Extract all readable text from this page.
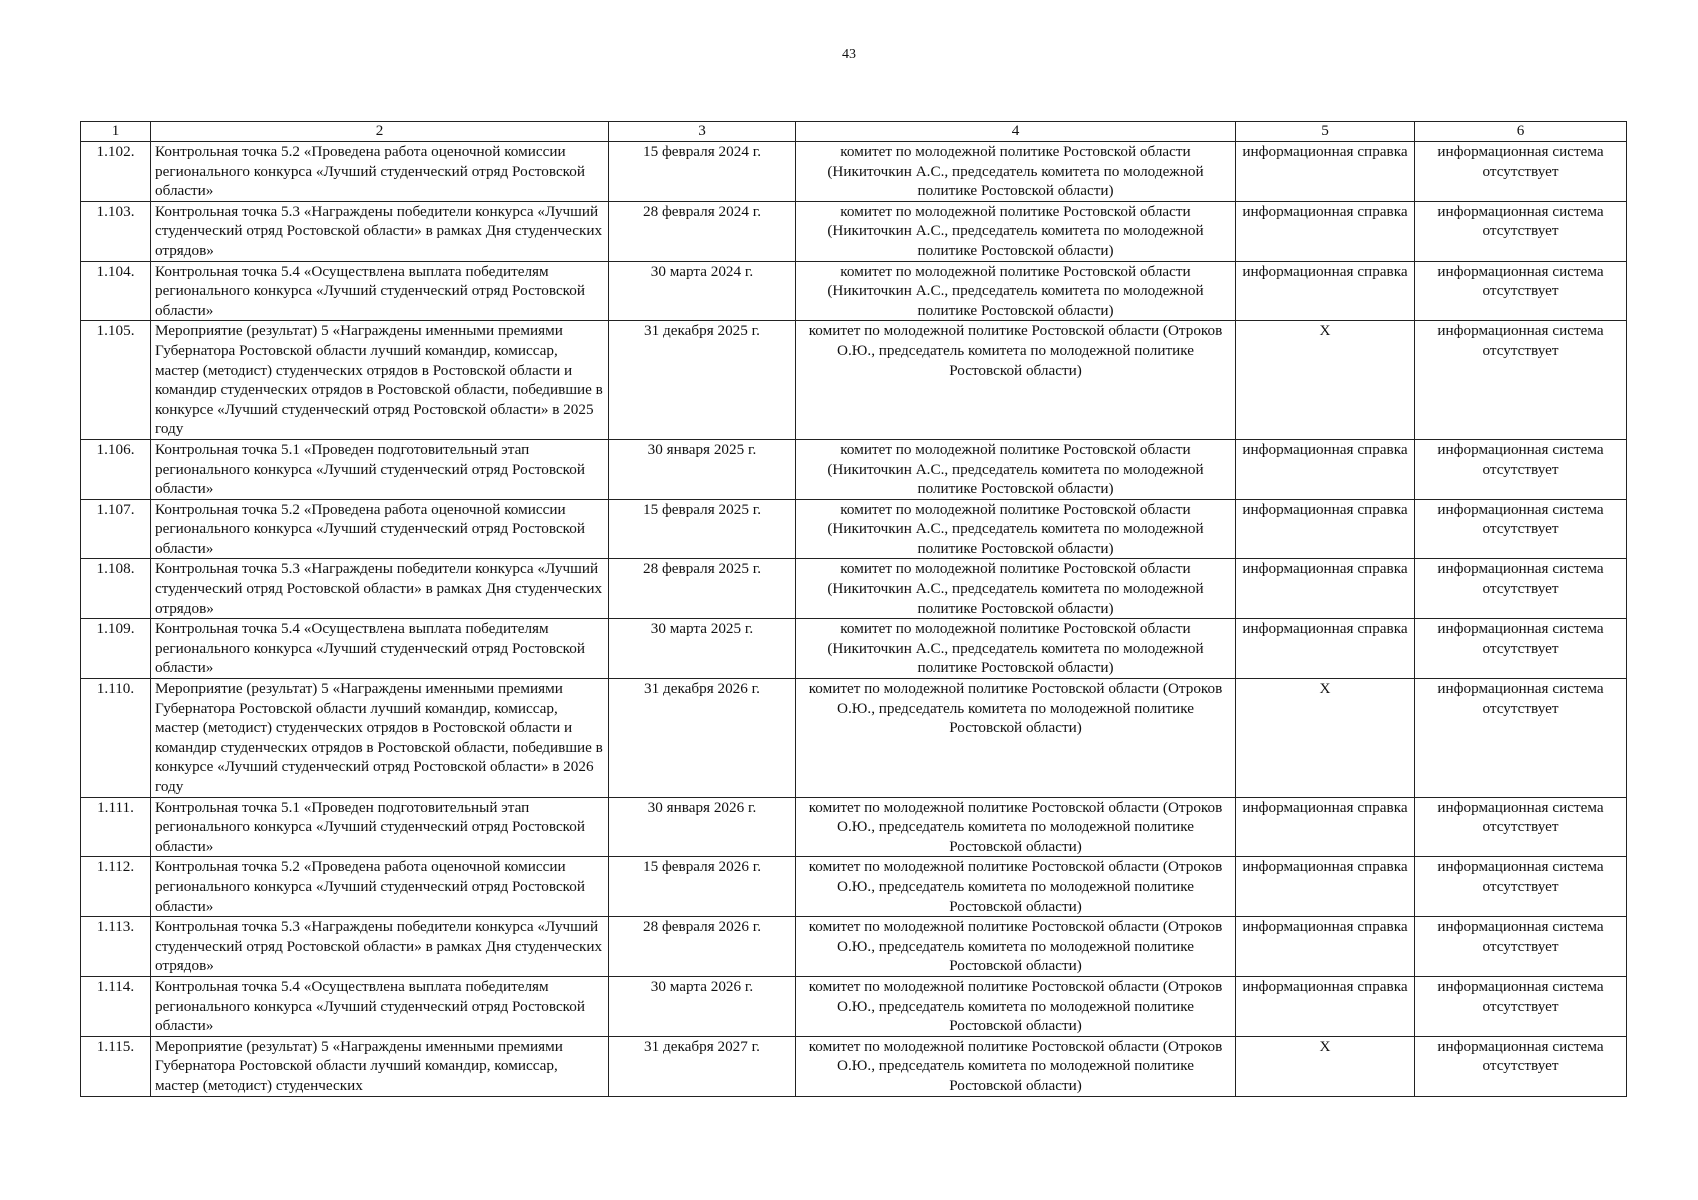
43
1	2	3	4	5	6
1.102.	Контрольная точка 5.2 «Проведена работа оценочной комиссии регионального конкурса «Лучший студенческий отряд Ростовской области»	15 февраля 2024 г.	комитет по молодежной политике Ростовской области (Никиточкин А.С., председатель комитета по молодежной политике Ростовской области)	информационная справка	информационная система отсутствует
1.103.	Контрольная точка 5.3 «Награждены победители конкурса «Лучший студенческий отряд Ростовской области» в рамках Дня студенческих отрядов»	28 февраля 2024 г.	комитет по молодежной политике Ростовской области (Никиточкин А.С., председатель комитета по молодежной политике Ростовской области)	информационная справка	информационная система отсутствует
1.104.	Контрольная точка 5.4 «Осуществлена выплата победителям регионального конкурса «Лучший студенческий отряд Ростовской области»	30 марта 2024 г.	комитет по молодежной политике Ростовской области (Никиточкин А.С., председатель комитета по молодежной политике Ростовской области)	информационная справка	информационная система отсутствует
1.105.	Мероприятие (результат) 5 «Награждены именными премиями Губернатора Ростовской области лучший командир, комиссар, мастер (методист) студенческих отрядов в Ростовской области и командир студенческих отрядов в Ростовской области, победившие в конкурсе «Лучший студенческий отряд Ростовской области» в 2025 году	31 декабря 2025 г.	комитет по молодежной политике Ростовской области (Отроков О.Ю., председатель комитета по молодежной политике Ростовской области)	X	информационная система отсутствует
1.106.	Контрольная точка 5.1 «Проведен подготовительный этап регионального конкурса «Лучший студенческий отряд Ростовской области»	30 января 2025 г.	комитет по молодежной политике Ростовской области (Никиточкин А.С., председатель комитета по молодежной политике Ростовской области)	информационная справка	информационная система отсутствует
1.107.	Контрольная точка 5.2 «Проведена работа оценочной комиссии регионального конкурса «Лучший студенческий отряд Ростовской области»	15 февраля 2025 г.	комитет по молодежной политике Ростовской области (Никиточкин А.С., председатель комитета по молодежной политике Ростовской области)	информационная справка	информационная система отсутствует
1.108.	Контрольная точка 5.3 «Награждены победители конкурса «Лучший студенческий отряд Ростовской области» в рамках Дня студенческих отрядов»	28 февраля 2025 г.	комитет по молодежной политике Ростовской области (Никиточкин А.С., председатель комитета по молодежной политике Ростовской области)	информационная справка	информационная система отсутствует
1.109.	Контрольная точка 5.4 «Осуществлена выплата победителям регионального конкурса «Лучший студенческий отряд Ростовской области»	30 марта 2025 г.	комитет по молодежной политике Ростовской области (Никиточкин А.С., председатель комитета по молодежной политике Ростовской области)	информационная справка	информационная система отсутствует
1.110.	Мероприятие (результат) 5 «Награждены именными премиями Губернатора Ростовской области лучший командир, комиссар, мастер (методист) студенческих отрядов в Ростовской области и командир студенческих отрядов в Ростовской области, победившие в конкурсе «Лучший студенческий отряд Ростовской области» в 2026 году	31 декабря 2026 г.	комитет по молодежной политике Ростовской области (Отроков О.Ю., председатель комитета по молодежной политике Ростовской области)	X	информационная система отсутствует
1.111.	Контрольная точка 5.1 «Проведен подготовительный этап регионального конкурса «Лучший студенческий отряд Ростовской области»	30 января 2026 г.	комитет по молодежной политике Ростовской области (Отроков О.Ю., председатель комитета по молодежной политике Ростовской области)	информационная справка	информационная система отсутствует
1.112.	Контрольная точка 5.2 «Проведена работа оценочной комиссии регионального конкурса «Лучший студенческий отряд Ростовской области»	15 февраля 2026 г.	комитет по молодежной политике Ростовской области (Отроков О.Ю., председатель комитета по молодежной политике Ростовской области)	информационная справка	информационная система отсутствует
1.113.	Контрольная точка 5.3 «Награждены победители конкурса «Лучший студенческий отряд Ростовской области» в рамках Дня студенческих отрядов»	28 февраля 2026 г.	комитет по молодежной политике Ростовской области (Отроков О.Ю., председатель комитета по молодежной политике Ростовской области)	информационная справка	информационная система отсутствует
1.114.	Контрольная точка 5.4 «Осуществлена выплата победителям регионального конкурса «Лучший студенческий отряд Ростовской области»	30 марта 2026 г.	комитет по молодежной политике Ростовской области (Отроков О.Ю., председатель комитета по молодежной политике Ростовской области)	информационная справка	информационная система отсутствует
1.115.	Мероприятие (результат) 5 «Награждены именными премиями Губернатора Ростовской области лучший командир, комиссар, мастер (методист) студенческих	31 декабря 2027 г.	комитет по молодежной политике Ростовской области (Отроков О.Ю., председатель комитета по молодежной политике Ростовской области)	X	информационная система отсутствует
